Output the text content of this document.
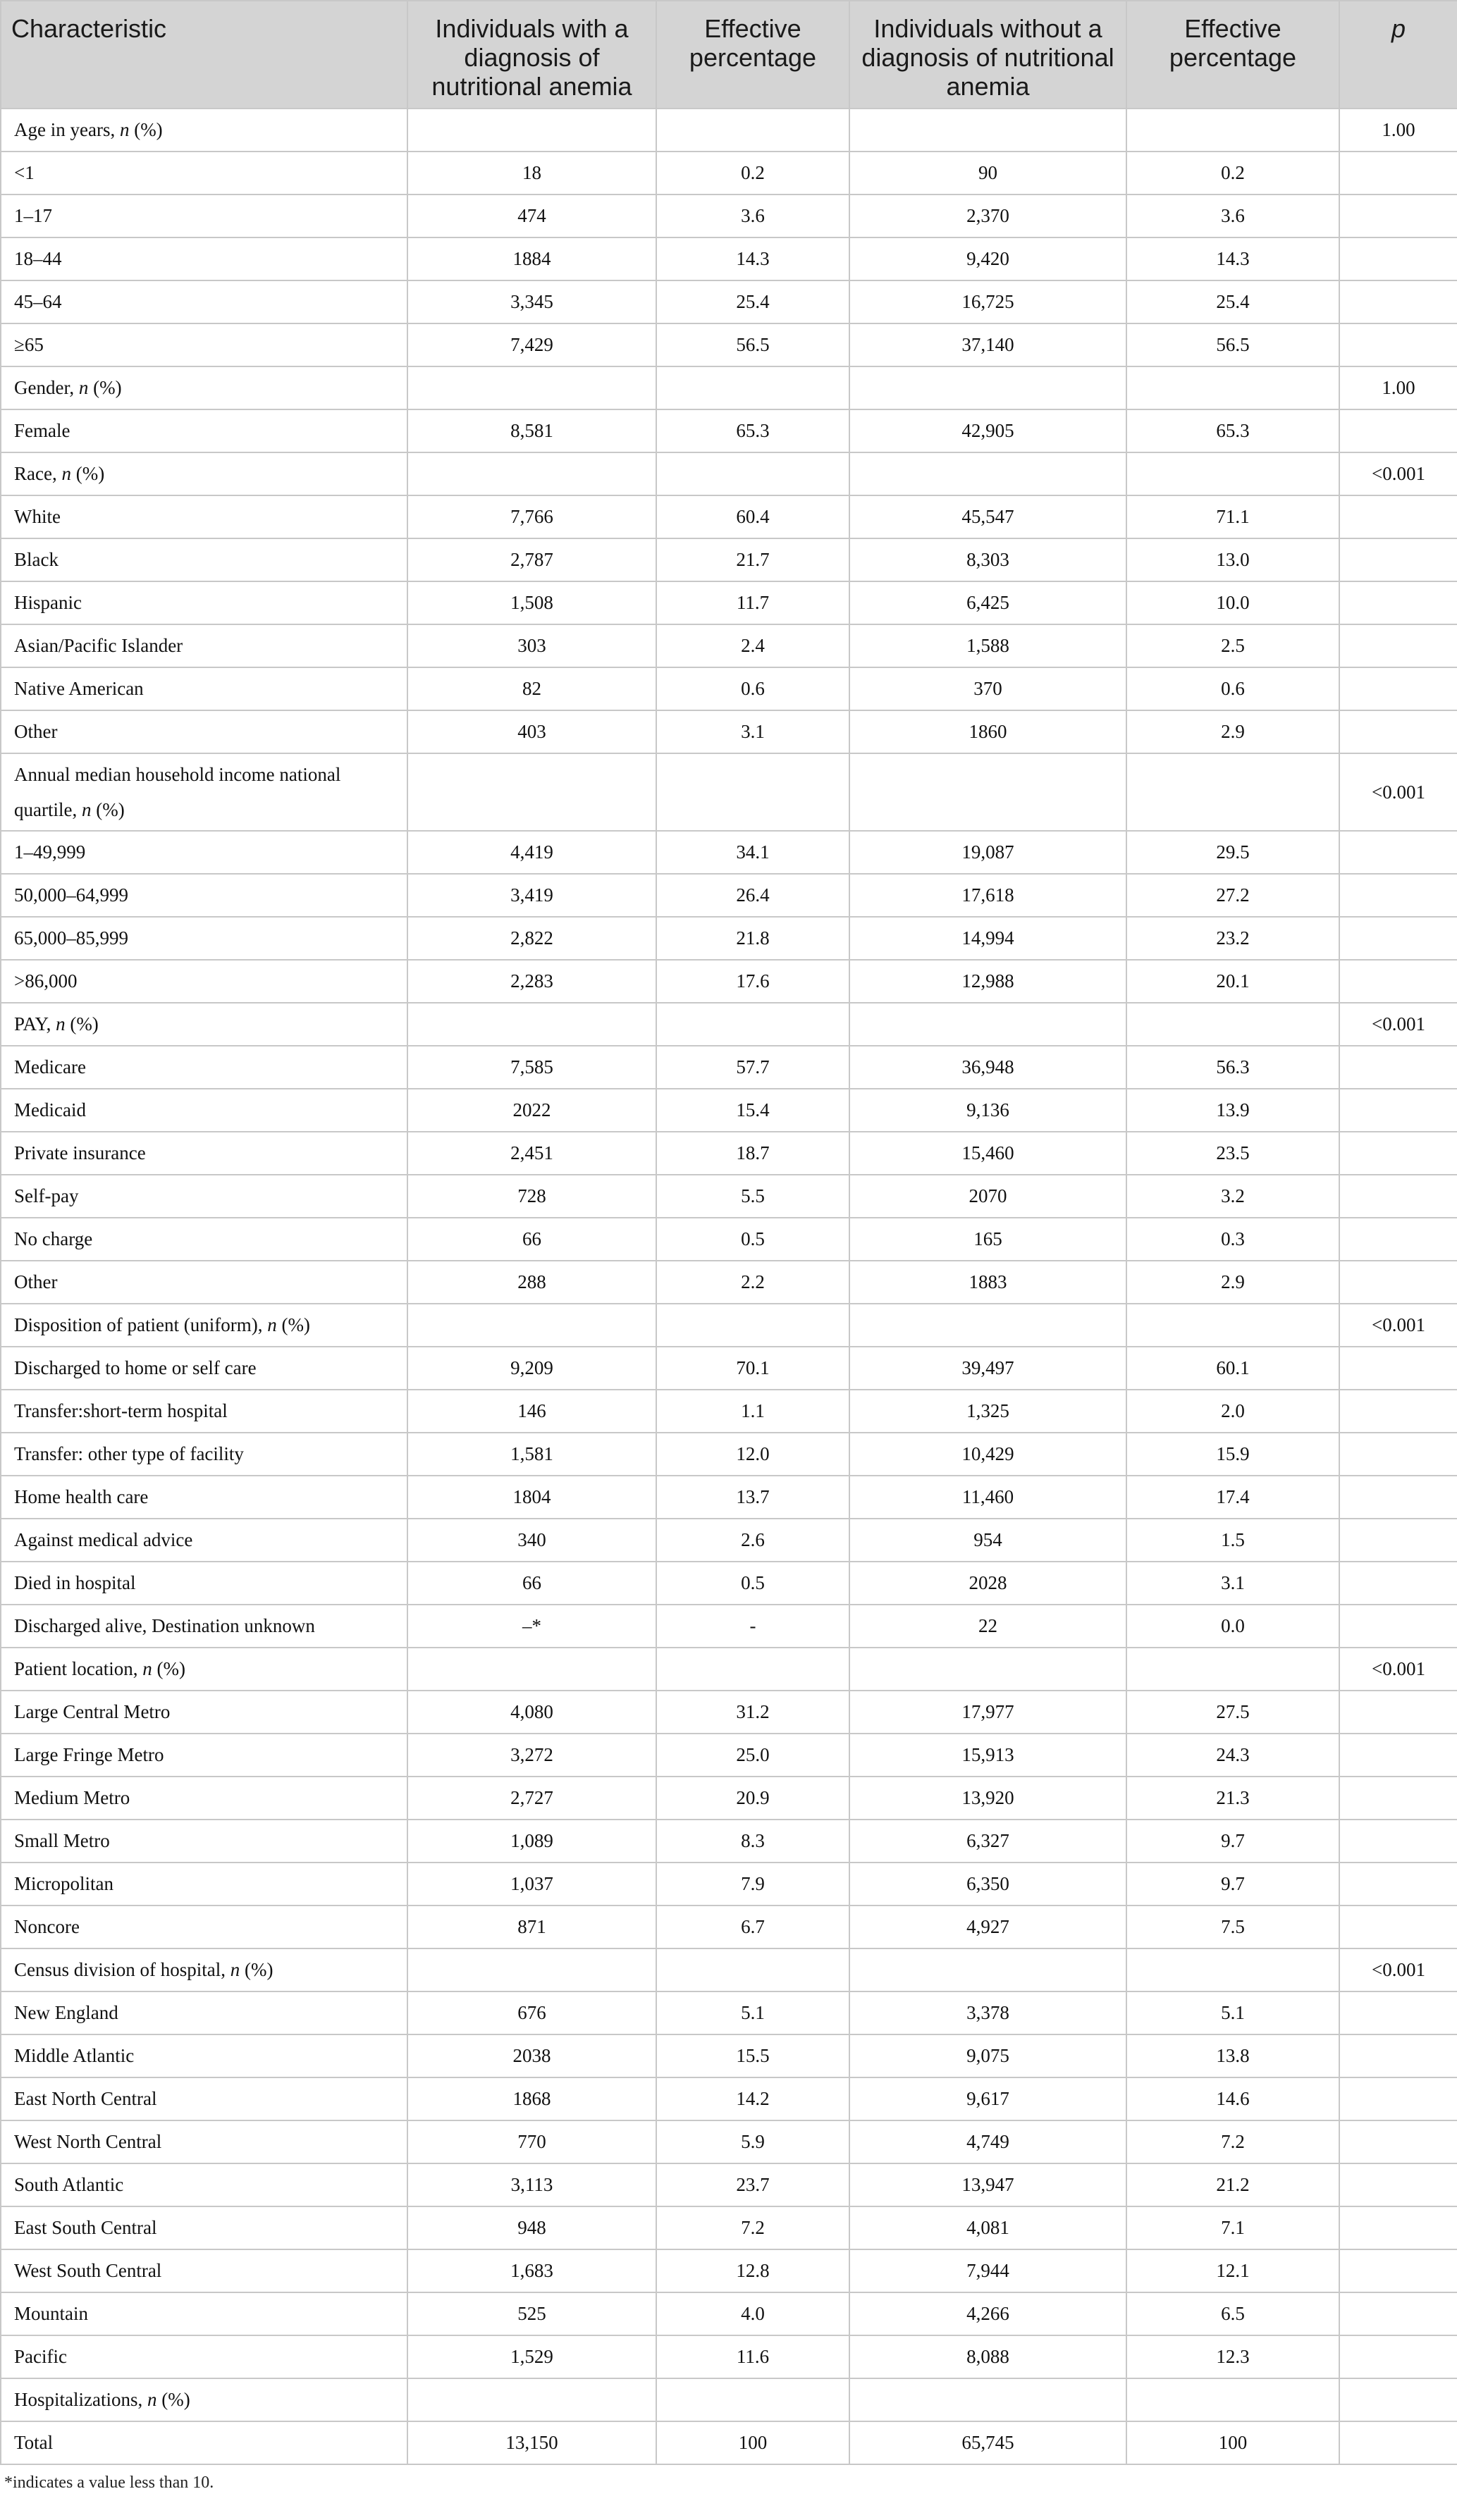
Characteristic	Individuals with a diagnosis of nutritional anemia	Effective percentage	Individuals without a diagnosis of nutritional anemia	Effective percentage	p
Age in years, n (%)					1.00
<1	18	0.2	90	0.2	
1–17	474	3.6	2,370	3.6	
18–44	1884	14.3	9,420	14.3	
45–64	3,345	25.4	16,725	25.4	
≥65	7,429	56.5	37,140	56.5	
Gender, n (%)					1.00
Female	8,581	65.3	42,905	65.3	
Race, n (%)					<0.001
White	7,766	60.4	45,547	71.1	
Black	2,787	21.7	8,303	13.0	
Hispanic	1,508	11.7	6,425	10.0	
Asian/Pacific Islander	303	2.4	1,588	2.5	
Native American	82	0.6	370	0.6	
Other	403	3.1	1860	2.9	
Annual median household income national quartile, n (%)					<0.001
1–49,999	4,419	34.1	19,087	29.5	
50,000–64,999	3,419	26.4	17,618	27.2	
65,000–85,999	2,822	21.8	14,994	23.2	
>86,000	2,283	17.6	12,988	20.1	
PAY, n (%)					<0.001
Medicare	7,585	57.7	36,948	56.3	
Medicaid	2022	15.4	9,136	13.9	
Private insurance	2,451	18.7	15,460	23.5	
Self-pay	728	5.5	2070	3.2	
No charge	66	0.5	165	0.3	
Other	288	2.2	1883	2.9	
Disposition of patient (uniform), n (%)					<0.001
Discharged to home or self care	9,209	70.1	39,497	60.1	
Transfer:short-term hospital	146	1.1	1,325	2.0	
Transfer: other type of facility	1,581	12.0	10,429	15.9	
Home health care	1804	13.7	11,460	17.4	
Against medical advice	340	2.6	954	1.5	
Died in hospital	66	0.5	2028	3.1	
Discharged alive, Destination unknown	–*	-	22	0.0	
Patient location, n (%)					<0.001
Large Central Metro	4,080	31.2	17,977	27.5	
Large Fringe Metro	3,272	25.0	15,913	24.3	
Medium Metro	2,727	20.9	13,920	21.3	
Small Metro	1,089	8.3	6,327	9.7	
Micropolitan	1,037	7.9	6,350	9.7	
Noncore	871	6.7	4,927	7.5	
Census division of hospital, n (%)					<0.001
New England	676	5.1	3,378	5.1	
Middle Atlantic	2038	15.5	9,075	13.8	
East North Central	1868	14.2	9,617	14.6	
West North Central	770	5.9	4,749	7.2	
South Atlantic	3,113	23.7	13,947	21.2	
East South Central	948	7.2	4,081	7.1	
West South Central	1,683	12.8	7,944	12.1	
Mountain	525	4.0	4,266	6.5	
Pacific	1,529	11.6	8,088	12.3	
Hospitalizations, n (%)					
Total	13,150	100	65,745	100	
*indicates a value less than 10.
